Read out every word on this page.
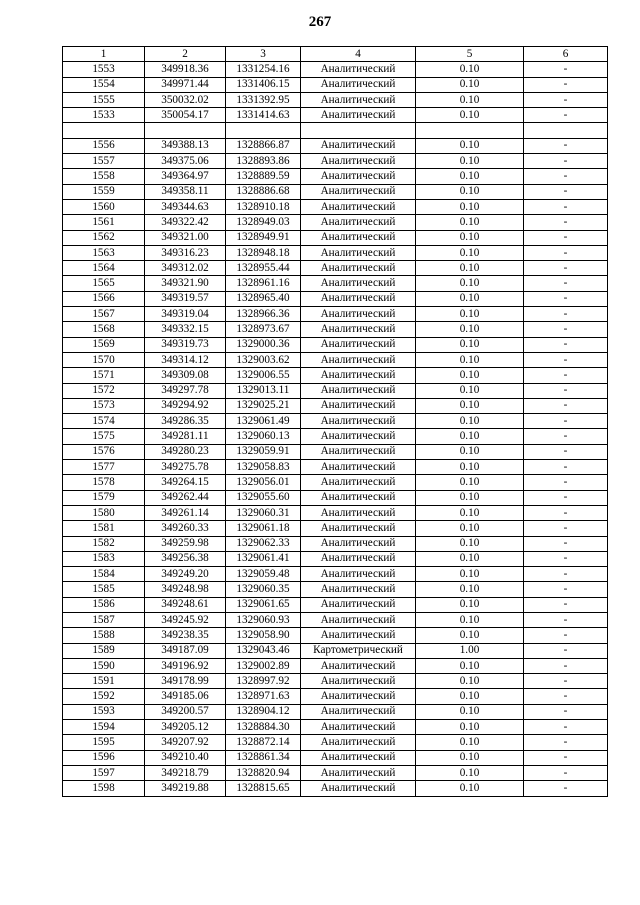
267
1	2	3	4	5	6
1553	349918.36	1331254.16	Аналитический	0.10	-
1554	349971.44	1331406.15	Аналитический	0.10	-
1555	350032.02	1331392.95	Аналитический	0.10	-
1533	350054.17	1331414.63	Аналитический	0.10	-

1556	349388.13	1328866.87	Аналитический	0.10	-
1557	349375.06	1328893.86	Аналитический	0.10	-
1558	349364.97	1328889.59	Аналитический	0.10	-
1559	349358.11	1328886.68	Аналитический	0.10	-
1560	349344.63	1328910.18	Аналитический	0.10	-
1561	349322.42	1328949.03	Аналитический	0.10	-
1562	349321.00	1328949.91	Аналитический	0.10	-
1563	349316.23	1328948.18	Аналитический	0.10	-
1564	349312.02	1328955.44	Аналитический	0.10	-
1565	349321.90	1328961.16	Аналитический	0.10	-
1566	349319.57	1328965.40	Аналитический	0.10	-
1567	349319.04	1328966.36	Аналитический	0.10	-
1568	349332.15	1328973.67	Аналитический	0.10	-
1569	349319.73	1329000.36	Аналитический	0.10	-
1570	349314.12	1329003.62	Аналитический	0.10	-
1571	349309.08	1329006.55	Аналитический	0.10	-
1572	349297.78	1329013.11	Аналитический	0.10	-
1573	349294.92	1329025.21	Аналитический	0.10	-
1574	349286.35	1329061.49	Аналитический	0.10	-
1575	349281.11	1329060.13	Аналитический	0.10	-
1576	349280.23	1329059.91	Аналитический	0.10	-
1577	349275.78	1329058.83	Аналитический	0.10	-
1578	349264.15	1329056.01	Аналитический	0.10	-
1579	349262.44	1329055.60	Аналитический	0.10	-
1580	349261.14	1329060.31	Аналитический	0.10	-
1581	349260.33	1329061.18	Аналитический	0.10	-
1582	349259.98	1329062.33	Аналитический	0.10	-
1583	349256.38	1329061.41	Аналитический	0.10	-
1584	349249.20	1329059.48	Аналитический	0.10	-
1585	349248.98	1329060.35	Аналитический	0.10	-
1586	349248.61	1329061.65	Аналитический	0.10	-
1587	349245.92	1329060.93	Аналитический	0.10	-
1588	349238.35	1329058.90	Аналитический	0.10	-
1589	349187.09	1329043.46	Картометрический	1.00	-
1590	349196.92	1329002.89	Аналитический	0.10	-
1591	349178.99	1328997.92	Аналитический	0.10	-
1592	349185.06	1328971.63	Аналитический	0.10	-
1593	349200.57	1328904.12	Аналитический	0.10	-
1594	349205.12	1328884.30	Аналитический	0.10	-
1595	349207.92	1328872.14	Аналитический	0.10	-
1596	349210.40	1328861.34	Аналитический	0.10	-
1597	349218.79	1328820.94	Аналитический	0.10	-
1598	349219.88	1328815.65	Аналитический	0.10	-
